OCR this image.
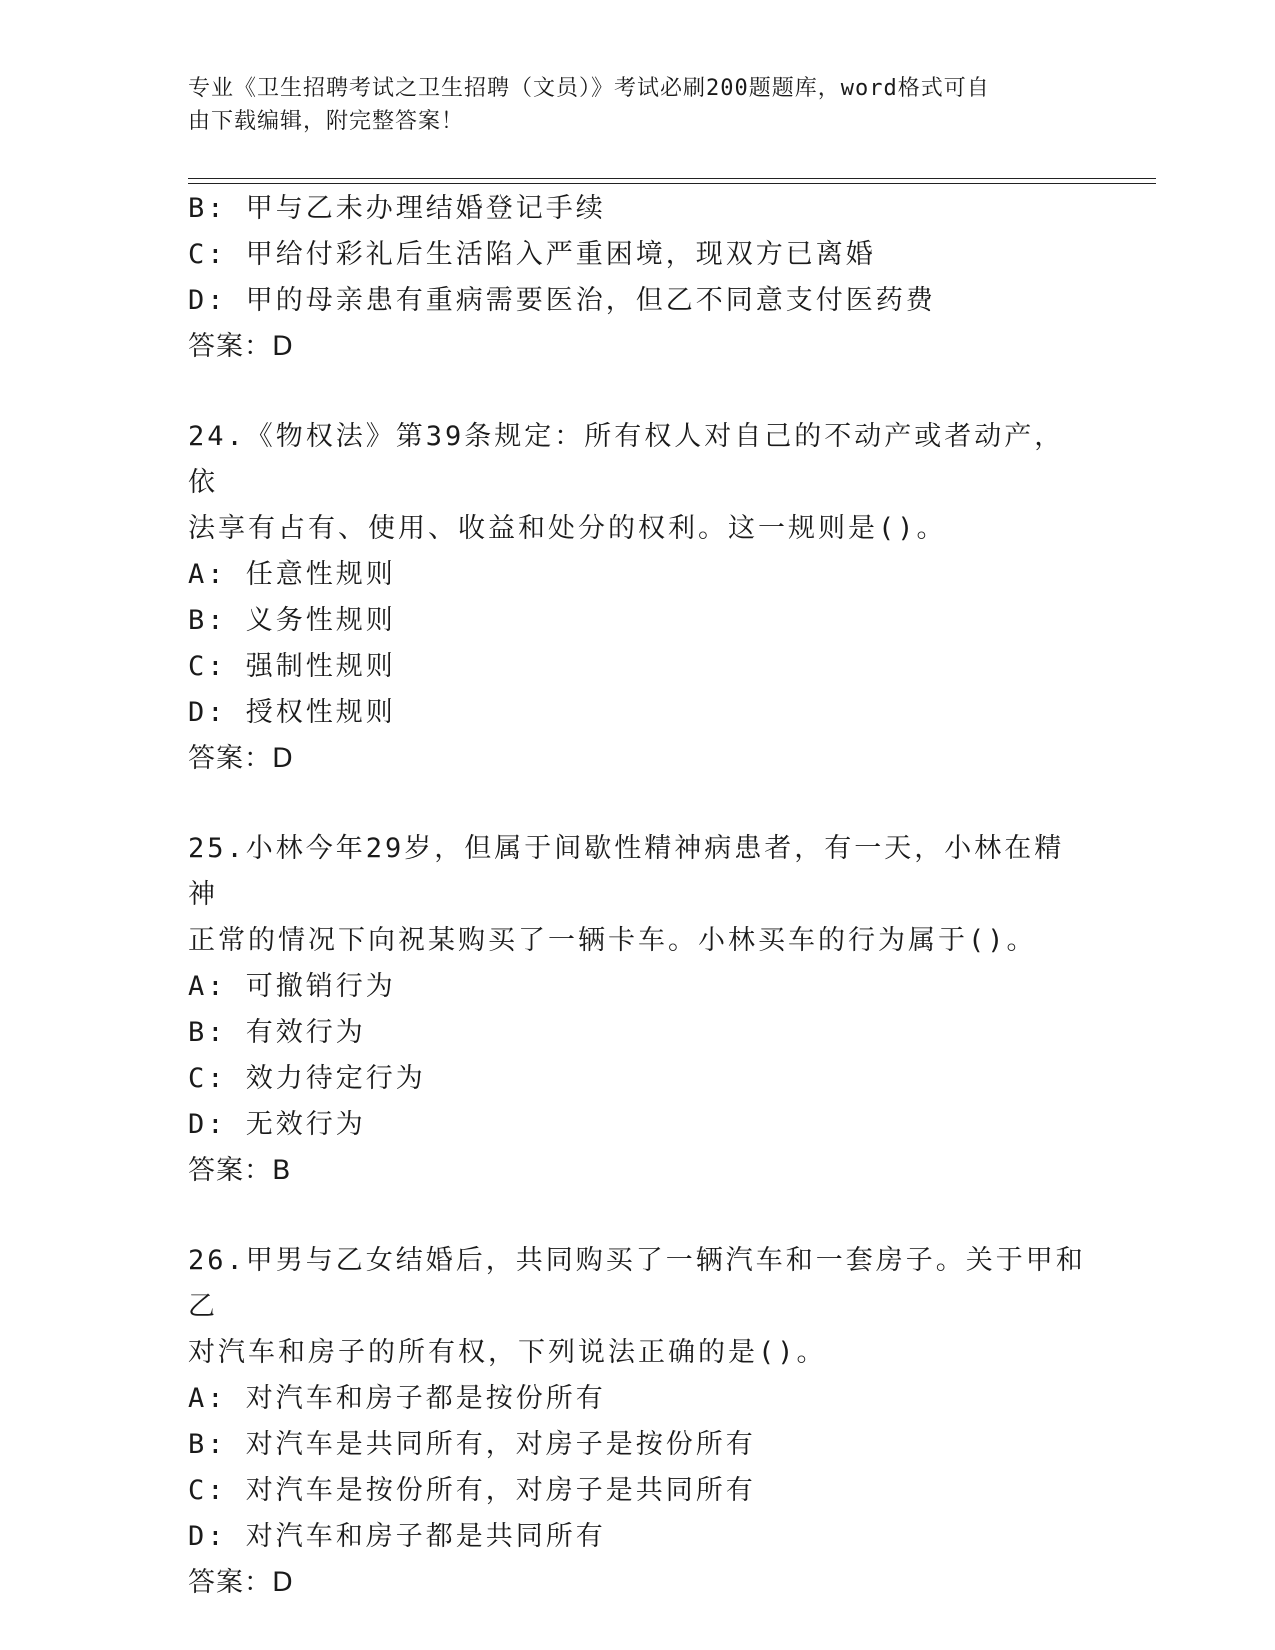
专业《卫生招聘考试之卫生招聘（文员）》考试必刷200题题库，word格式可自
由下载编辑，附完整答案！
B: 甲与乙未办理结婚登记手续
C: 甲给付彩礼后生活陷入严重困境，现双方已离婚
D: 甲的母亲患有重病需要医治，但乙不同意支付医药费
答案：D
24.《物权法》第39条规定：所有权人对自己的不动产或者动产，依
法享有占有、使用、收益和处分的权利。这一规则是()。
A: 任意性规则
B: 义务性规则
C: 强制性规则
D: 授权性规则
答案：D
25.小林今年29岁，但属于间歇性精神病患者，有一天，小林在精神
正常的情况下向祝某购买了一辆卡车。小林买车的行为属于()。
A: 可撤销行为
B: 有效行为
C: 效力待定行为
D: 无效行为
答案：B
26.甲男与乙女结婚后，共同购买了一辆汽车和一套房子。关于甲和乙
对汽车和房子的所有权，下列说法正确的是()。
A: 对汽车和房子都是按份所有
B: 对汽车是共同所有，对房子是按份所有
C: 对汽车是按份所有，对房子是共同所有
D: 对汽车和房子都是共同所有
答案：D
